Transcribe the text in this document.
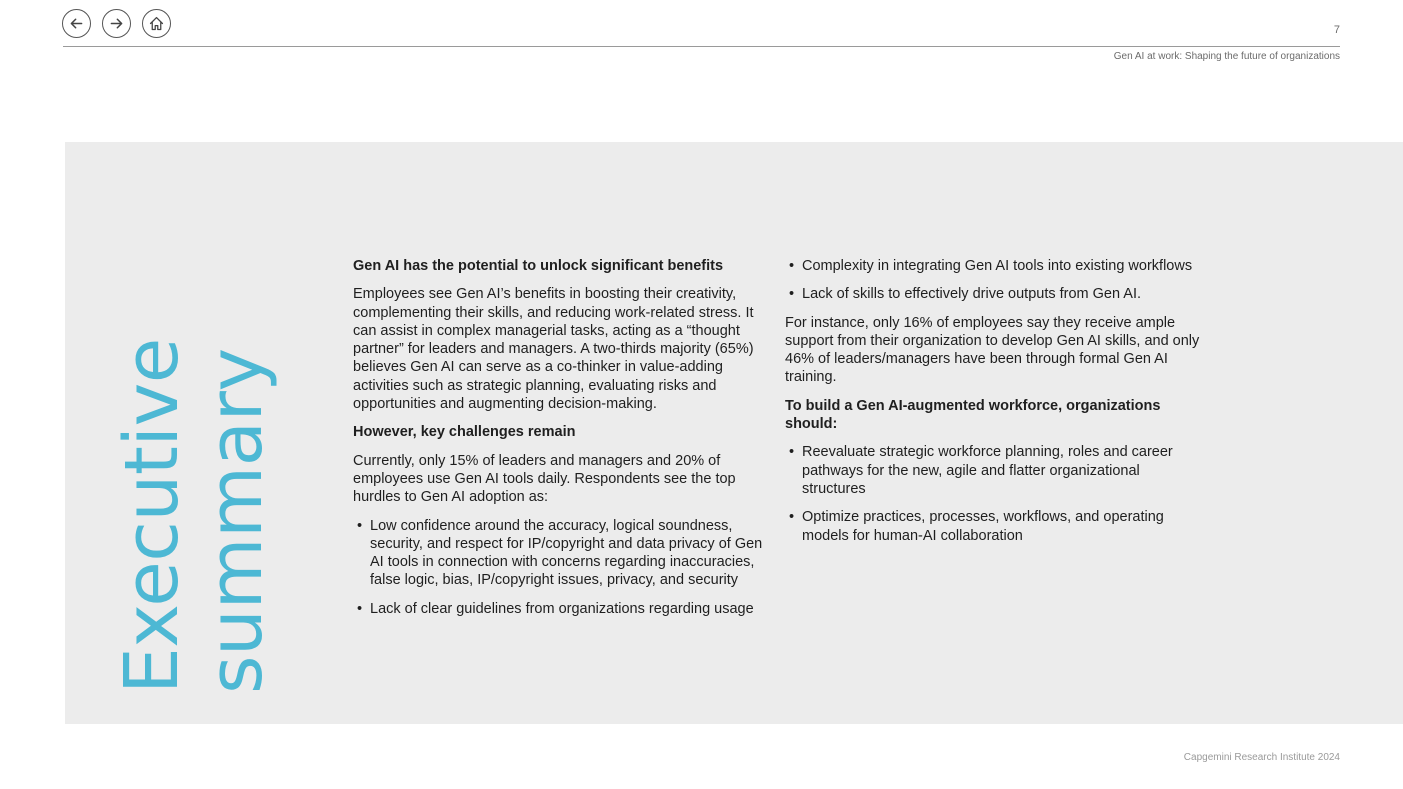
7
Gen AI at work: Shaping the future of organizations
Executive
summary
Gen AI has the potential to unlock significant benefits

Employees see Gen AI’s benefits in boosting their creativity, complementing their skills, and reducing work-related stress. It can assist in complex managerial tasks, acting as a “thought partner” for leaders and managers. A two-thirds majority (65%) believes Gen AI can serve as a co-thinker in value-adding activities such as strategic planning, evaluating risks and opportunities and augmenting decision-making.

However, key challenges remain

Currently, only 15% of leaders and managers and 20% of employees use Gen AI tools daily. Respondents see the top hurdles to Gen AI adoption as:

• Low confidence around the accuracy, logical soundness, security, and respect for IP/copyright and data privacy of Gen AI tools in connection with concerns regarding inaccuracies, false logic, bias, IP/copyright issues, privacy, and security
• Lack of clear guidelines from organizations regarding usage
• Complexity in integrating Gen AI tools into existing workflows
• Lack of skills to effectively drive outputs from Gen AI.

For instance, only 16% of employees say they receive ample support from their organization to develop Gen AI skills, and only 46% of leaders/managers have been through formal Gen AI training.

To build a Gen AI-augmented workforce, organizations should:
• Reevaluate strategic workforce planning, roles and career pathways for the new, agile and flatter organizational structures
• Optimize practices, processes, workflows, and operating models for human-AI collaboration
Capgemini Research Institute 2024
